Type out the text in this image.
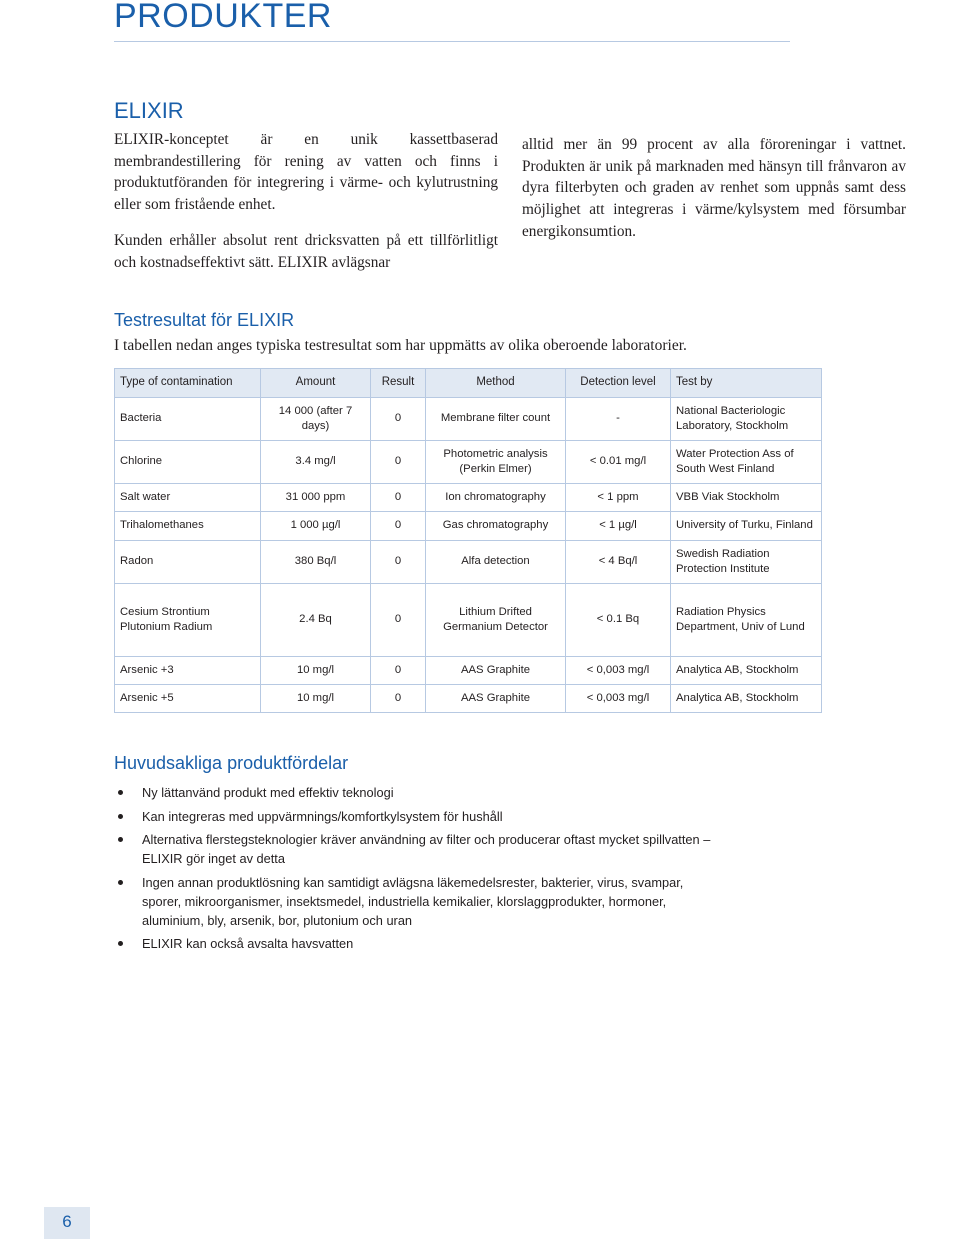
PRODUKTER
ELIXIR

ELIXIR-konceptet är en unik kassettbaserad membrandestillering för rening av vatten och finns i produktutföranden för integrering i värme- och kylutrustning eller som fristående enhet.

Kunden erhåller absolut rent dricksvatten på ett tillförlitligt och kostnadseffektivt sätt. ELIXIR avlägsnar

alltid mer än 99 procent av alla föroreningar i vattnet. Produkten är unik på marknaden med hänsyn till frånvaron av dyra filterbyten och graden av renhet som uppnås samt dess möjlighet att integreras i värme/kylsystem med försumbar energikonsumtion.

Testresultat för ELIXIR

I tabellen nedan anges typiska testresultat som har uppmätts av olika oberoende laboratorier.

Type of contamination	Amount	Result	Method	Detection level	Test by
Bacteria	14 000 (after 7 days)	0	Membrane filter count	-	National Bacteriologic Laboratory, Stockholm
Chlorine	3.4 mg/l	0	Photometric analysis (Perkin Elmer)	< 0.01 mg/l	Water Protection Ass of South West Finland
Salt water	31 000 ppm	0	Ion chromatography	< 1 ppm	VBB Viak Stockholm
Trihalomethanes	1 000 µg/l	0	Gas chromatography	< 1 µg/l	University of Turku, Finland
Radon	380 Bq/l	0	Alfa detection	< 4 Bq/l	Swedish Radiation Protection Institute
Cesium Strontium Plutonium Radium	2.4 Bq	0	Lithium Drifted Germanium Detector	< 0.1 Bq	Radiation Physics Department, Univ of Lund
Arsenic +3	10 mg/l	0	AAS Graphite	< 0,003 mg/l	Analytica AB, Stockholm
Arsenic +5	10 mg/l	0	AAS Graphite	< 0,003 mg/l	Analytica AB, Stockholm
Huvudsakliga produktfördelar
Ny lättanvänd produkt med effektiv teknologi
Kan integreras med uppvärmnings/komfortkylsystem för hushåll
Alternativa flerstegsteknologier kräver användning av filter och producerar oftast mycket spillvatten – ELIXIR gör inget av detta
Ingen annan produktlösning kan samtidigt avlägsna läkemedelsrester, bakterier, virus, svampar, sporer, mikroorganismer, insektsmedel, industriella kemikalier, klorslaggprodukter, hormoner, aluminium, bly, arsenik, bor, plutonium och uran
ELIXIR kan också avsalta havsvatten
6
